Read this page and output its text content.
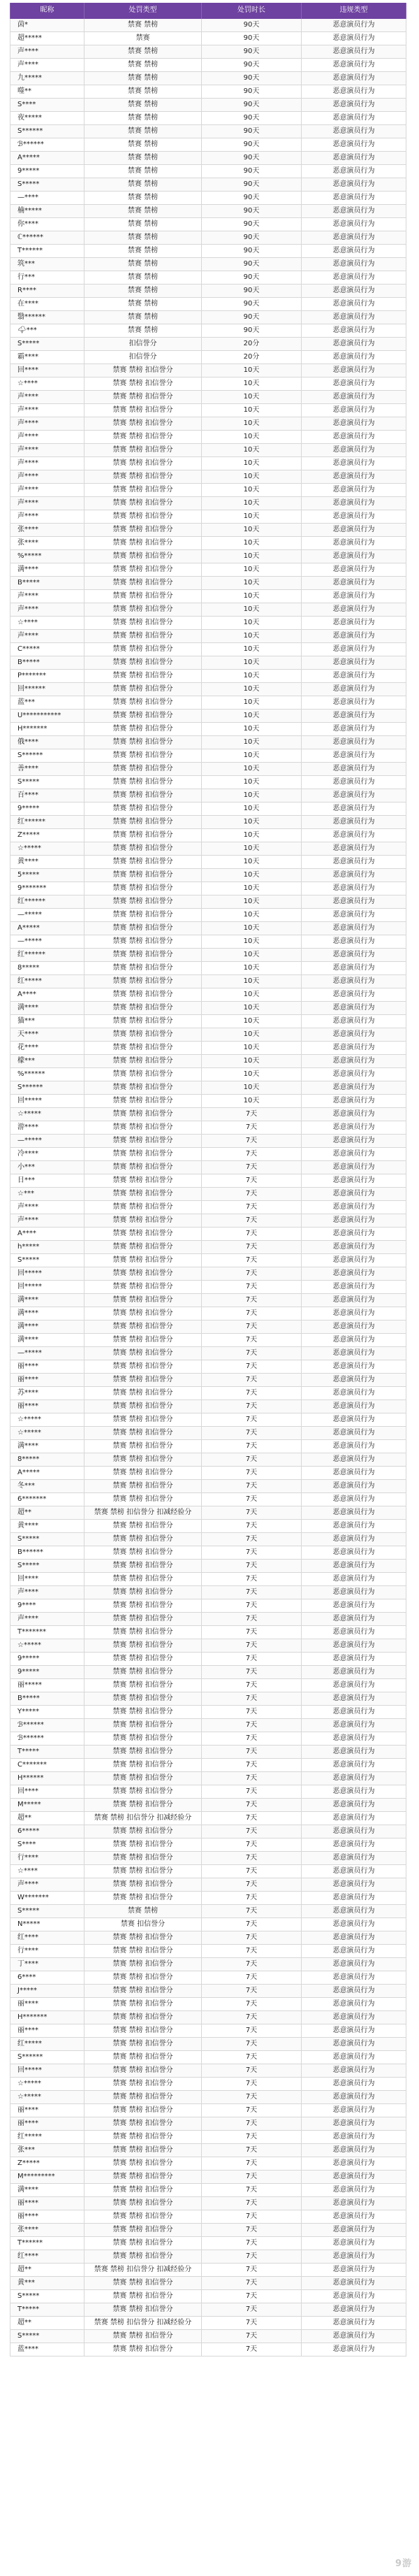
昵称	处罚类型	处罚时长	违规类型
茵*	禁赛 禁榜	90天	恶意演员行为
超*****	禁赛	90天	恶意演员行为
声****	禁赛 禁榜	90天	恶意演员行为
声****	禁赛 禁榜	90天	恶意演员行为
九*****	禁赛 禁榜	90天	恶意演员行为
噬**	禁赛 禁榜	90天	恶意演员行为
S****	禁赛 禁榜	90天	恶意演员行为
夜*****	禁赛 禁榜	90天	恶意演员行为
S******	禁赛 禁榜	90天	恶意演员行为
ℬ******	禁赛 禁榜	90天	恶意演员行为
A*****	禁赛 禁榜	90天	恶意演员行为
9*****	禁赛 禁榜	90天	恶意演员行为
S*****	禁赛 禁榜	90天	恶意演员行为
—****	禁赛 禁榜	90天	恶意演员行为
楠*****	禁赛 禁榜	90天	恶意演员行为
你****	禁赛 禁榜	90天	恶意演员行为
ℂ******	禁赛 禁榜	90天	恶意演员行为
T******	禁赛 禁榜	90天	恶意演员行为
筑***	禁赛 禁榜	90天	恶意演员行为
行***	禁赛 禁榜	90天	恶意演员行为
R****	禁赛 禁榜	90天	恶意演员行为
在****	禁赛 禁榜	90天	恶意演员行为
翳******	禁赛 禁榜	90天	恶意演员行为
🌩***	禁赛 禁榜	90天	恶意演员行为
S*****	扣信誉分	20分	恶意演员行为
霸****	扣信誉分	20分	恶意演员行为
回****	禁赛 禁榜 扣信誉分	10天	恶意演员行为
☆****	禁赛 禁榜 扣信誉分	10天	恶意演员行为
声****	禁赛 禁榜 扣信誉分	10天	恶意演员行为
声****	禁赛 禁榜 扣信誉分	10天	恶意演员行为
声****	禁赛 禁榜 扣信誉分	10天	恶意演员行为
声****	禁赛 禁榜 扣信誉分	10天	恶意演员行为
声****	禁赛 禁榜 扣信誉分	10天	恶意演员行为
声****	禁赛 禁榜 扣信誉分	10天	恶意演员行为
声****	禁赛 禁榜 扣信誉分	10天	恶意演员行为
声****	禁赛 禁榜 扣信誉分	10天	恶意演员行为
声****	禁赛 禁榜 扣信誉分	10天	恶意演员行为
声****	禁赛 禁榜 扣信誉分	10天	恶意演员行为
张****	禁赛 禁榜 扣信誉分	10天	恶意演员行为
张****	禁赛 禁榜 扣信誉分	10天	恶意演员行为
%*****	禁赛 禁榜 扣信誉分	10天	恶意演员行为
满****	禁赛 禁榜 扣信誉分	10天	恶意演员行为
B*****	禁赛 禁榜 扣信誉分	10天	恶意演员行为
声****	禁赛 禁榜 扣信誉分	10天	恶意演员行为
声****	禁赛 禁榜 扣信誉分	10天	恶意演员行为
☆****	禁赛 禁榜 扣信誉分	10天	恶意演员行为
声****	禁赛 禁榜 扣信誉分	10天	恶意演员行为
C*****	禁赛 禁榜 扣信誉分	10天	恶意演员行为
B*****	禁赛 禁榜 扣信誉分	10天	恶意演员行为
P*******	禁赛 禁榜 扣信誉分	10天	恶意演员行为
回******	禁赛 禁榜 扣信誉分	10天	恶意演员行为
蓝***	禁赛 禁榜 扣信誉分	10天	恶意演员行为
U***********	禁赛 禁榜 扣信誉分	10天	恶意演员行为
H*******	禁赛 禁榜 扣信誉分	10天	恶意演员行为
俄****	禁赛 禁榜 扣信誉分	10天	恶意演员行为
S******	禁赛 禁榜 扣信誉分	10天	恶意演员行为
善****	禁赛 禁榜 扣信誉分	10天	恶意演员行为
S*****	禁赛 禁榜 扣信誉分	10天	恶意演员行为
百****	禁赛 禁榜 扣信誉分	10天	恶意演员行为
9*****	禁赛 禁榜 扣信誉分	10天	恶意演员行为
红******	禁赛 禁榜 扣信誉分	10天	恶意演员行为
Z*****	禁赛 禁榜 扣信誉分	10天	恶意演员行为
☆*****	禁赛 禁榜 扣信誉分	10天	恶意演员行为
黄****	禁赛 禁榜 扣信誉分	10天	恶意演员行为
5*****	禁赛 禁榜 扣信誉分	10天	恶意演员行为
9*******	禁赛 禁榜 扣信誉分	10天	恶意演员行为
红******	禁赛 禁榜 扣信誉分	10天	恶意演员行为
—*****	禁赛 禁榜 扣信誉分	10天	恶意演员行为
A*****	禁赛 禁榜 扣信誉分	10天	恶意演员行为
—*****	禁赛 禁榜 扣信誉分	10天	恶意演员行为
红******	禁赛 禁榜 扣信誉分	10天	恶意演员行为
8*****	禁赛 禁榜 扣信誉分	10天	恶意演员行为
红*****	禁赛 禁榜 扣信誉分	10天	恶意演员行为
A****	禁赛 禁榜 扣信誉分	10天	恶意演员行为
满****	禁赛 禁榜 扣信誉分	10天	恶意演员行为
猫***	禁赛 禁榜 扣信誉分	10天	恶意演员行为
天****	禁赛 禁榜 扣信誉分	10天	恶意演员行为
花****	禁赛 禁榜 扣信誉分	10天	恶意演员行为
檬***	禁赛 禁榜 扣信誉分	10天	恶意演员行为
%******	禁赛 禁榜 扣信誉分	10天	恶意演员行为
S******	禁赛 禁榜 扣信誉分	10天	恶意演员行为
回*****	禁赛 禁榜 扣信誉分	10天	恶意演员行为
☆*****	禁赛 禁榜 扣信誉分	7天	恶意演员行为
游****	禁赛 禁榜 扣信誉分	7天	恶意演员行为
—*****	禁赛 禁榜 扣信誉分	7天	恶意演员行为
冷****	禁赛 禁榜 扣信誉分	7天	恶意演员行为
小***	禁赛 禁榜 扣信誉分	7天	恶意演员行为
日***	禁赛 禁榜 扣信誉分	7天	恶意演员行为
☆***	禁赛 禁榜 扣信誉分	7天	恶意演员行为
声****	禁赛 禁榜 扣信誉分	7天	恶意演员行为
声****	禁赛 禁榜 扣信誉分	7天	恶意演员行为
A****	禁赛 禁榜 扣信誉分	7天	恶意演员行为
h*****	禁赛 禁榜 扣信誉分	7天	恶意演员行为
S*****	禁赛 禁榜 扣信誉分	7天	恶意演员行为
回*****	禁赛 禁榜 扣信誉分	7天	恶意演员行为
回*****	禁赛 禁榜 扣信誉分	7天	恶意演员行为
满****	禁赛 禁榜 扣信誉分	7天	恶意演员行为
满****	禁赛 禁榜 扣信誉分	7天	恶意演员行为
满****	禁赛 禁榜 扣信誉分	7天	恶意演员行为
满****	禁赛 禁榜 扣信誉分	7天	恶意演员行为
—*****	禁赛 禁榜 扣信誉分	7天	恶意演员行为
丽****	禁赛 禁榜 扣信誉分	7天	恶意演员行为
丽****	禁赛 禁榜 扣信誉分	7天	恶意演员行为
苏****	禁赛 禁榜 扣信誉分	7天	恶意演员行为
丽****	禁赛 禁榜 扣信誉分	7天	恶意演员行为
☆*****	禁赛 禁榜 扣信誉分	7天	恶意演员行为
☆*****	禁赛 禁榜 扣信誉分	7天	恶意演员行为
满****	禁赛 禁榜 扣信誉分	7天	恶意演员行为
8*****	禁赛 禁榜 扣信誉分	7天	恶意演员行为
A*****	禁赛 禁榜 扣信誉分	7天	恶意演员行为
冬***	禁赛 禁榜 扣信誉分	7天	恶意演员行为
6*******	禁赛 禁榜 扣信誉分	7天	恶意演员行为
超**	禁赛 禁榜 扣信誉分 扣减经验分	7天	恶意演员行为
黄****	禁赛 禁榜 扣信誉分	7天	恶意演员行为
S*****	禁赛 禁榜 扣信誉分	7天	恶意演员行为
B******	禁赛 禁榜 扣信誉分	7天	恶意演员行为
S*****	禁赛 禁榜 扣信誉分	7天	恶意演员行为
回****	禁赛 禁榜 扣信誉分	7天	恶意演员行为
声****	禁赛 禁榜 扣信誉分	7天	恶意演员行为
9****	禁赛 禁榜 扣信誉分	7天	恶意演员行为
声****	禁赛 禁榜 扣信誉分	7天	恶意演员行为
T*******	禁赛 禁榜 扣信誉分	7天	恶意演员行为
☆*****	禁赛 禁榜 扣信誉分	7天	恶意演员行为
9*****	禁赛 禁榜 扣信誉分	7天	恶意演员行为
9*****	禁赛 禁榜 扣信誉分	7天	恶意演员行为
丽*****	禁赛 禁榜 扣信誉分	7天	恶意演员行为
B*****	禁赛 禁榜 扣信誉分	7天	恶意演员行为
Y*****	禁赛 禁榜 扣信誉分	7天	恶意演员行为
ℬ******	禁赛 禁榜 扣信誉分	7天	恶意演员行为
ℬ******	禁赛 禁榜 扣信誉分	7天	恶意演员行为
T*****	禁赛 禁榜 扣信誉分	7天	恶意演员行为
C*******	禁赛 禁榜 扣信誉分	7天	恶意演员行为
H******	禁赛 禁榜 扣信誉分	7天	恶意演员行为
回****	禁赛 禁榜 扣信誉分	7天	恶意演员行为
M*****	禁赛 禁榜 扣信誉分	7天	恶意演员行为
超**	禁赛 禁榜 扣信誉分 扣减经验分	7天	恶意演员行为
6*****	禁赛 禁榜 扣信誉分	7天	恶意演员行为
S****	禁赛 禁榜 扣信誉分	7天	恶意演员行为
行****	禁赛 禁榜 扣信誉分	7天	恶意演员行为
☆****	禁赛 禁榜 扣信誉分	7天	恶意演员行为
声****	禁赛 禁榜 扣信誉分	7天	恶意演员行为
W*******	禁赛 禁榜 扣信誉分	7天	恶意演员行为
S*****	禁赛 禁榜	7天	恶意演员行为
N*****	禁赛 扣信誉分	7天	恶意演员行为
红****	禁赛 禁榜 扣信誉分	7天	恶意演员行为
行****	禁赛 禁榜 扣信誉分	7天	恶意演员行为
丁****	禁赛 禁榜 扣信誉分	7天	恶意演员行为
6****	禁赛 禁榜 扣信誉分	7天	恶意演员行为
J*****	禁赛 禁榜 扣信誉分	7天	恶意演员行为
丽****	禁赛 禁榜 扣信誉分	7天	恶意演员行为
H*******	禁赛 禁榜 扣信誉分	7天	恶意演员行为
丽****	禁赛 禁榜 扣信誉分	7天	恶意演员行为
红*****	禁赛 禁榜 扣信誉分	7天	恶意演员行为
S******	禁赛 禁榜 扣信誉分	7天	恶意演员行为
回*****	禁赛 禁榜 扣信誉分	7天	恶意演员行为
☆*****	禁赛 禁榜 扣信誉分	7天	恶意演员行为
☆*****	禁赛 禁榜 扣信誉分	7天	恶意演员行为
丽****	禁赛 禁榜 扣信誉分	7天	恶意演员行为
丽****	禁赛 禁榜 扣信誉分	7天	恶意演员行为
红*****	禁赛 禁榜 扣信誉分	7天	恶意演员行为
张***	禁赛 禁榜 扣信誉分	7天	恶意演员行为
Z*****	禁赛 禁榜 扣信誉分	7天	恶意演员行为
M*********	禁赛 禁榜 扣信誉分	7天	恶意演员行为
满****	禁赛 禁榜 扣信誉分	7天	恶意演员行为
丽****	禁赛 禁榜 扣信誉分	7天	恶意演员行为
丽****	禁赛 禁榜 扣信誉分	7天	恶意演员行为
张****	禁赛 禁榜 扣信誉分	7天	恶意演员行为
T******	禁赛 禁榜 扣信誉分	7天	恶意演员行为
红****	禁赛 禁榜 扣信誉分	7天	恶意演员行为
超**	禁赛 禁榜 扣信誉分 扣减经验分	7天	恶意演员行为
黄***	禁赛 禁榜 扣信誉分	7天	恶意演员行为
S*****	禁赛 禁榜 扣信誉分	7天	恶意演员行为
T*****	禁赛 禁榜 扣信誉分	7天	恶意演员行为
超**	禁赛 禁榜 扣信誉分 扣减经验分	7天	恶意演员行为
S*****	禁赛 禁榜 扣信誉分	7天	恶意演员行为
蓝****	禁赛 禁榜 扣信誉分	7天	恶意演员行为
9游
